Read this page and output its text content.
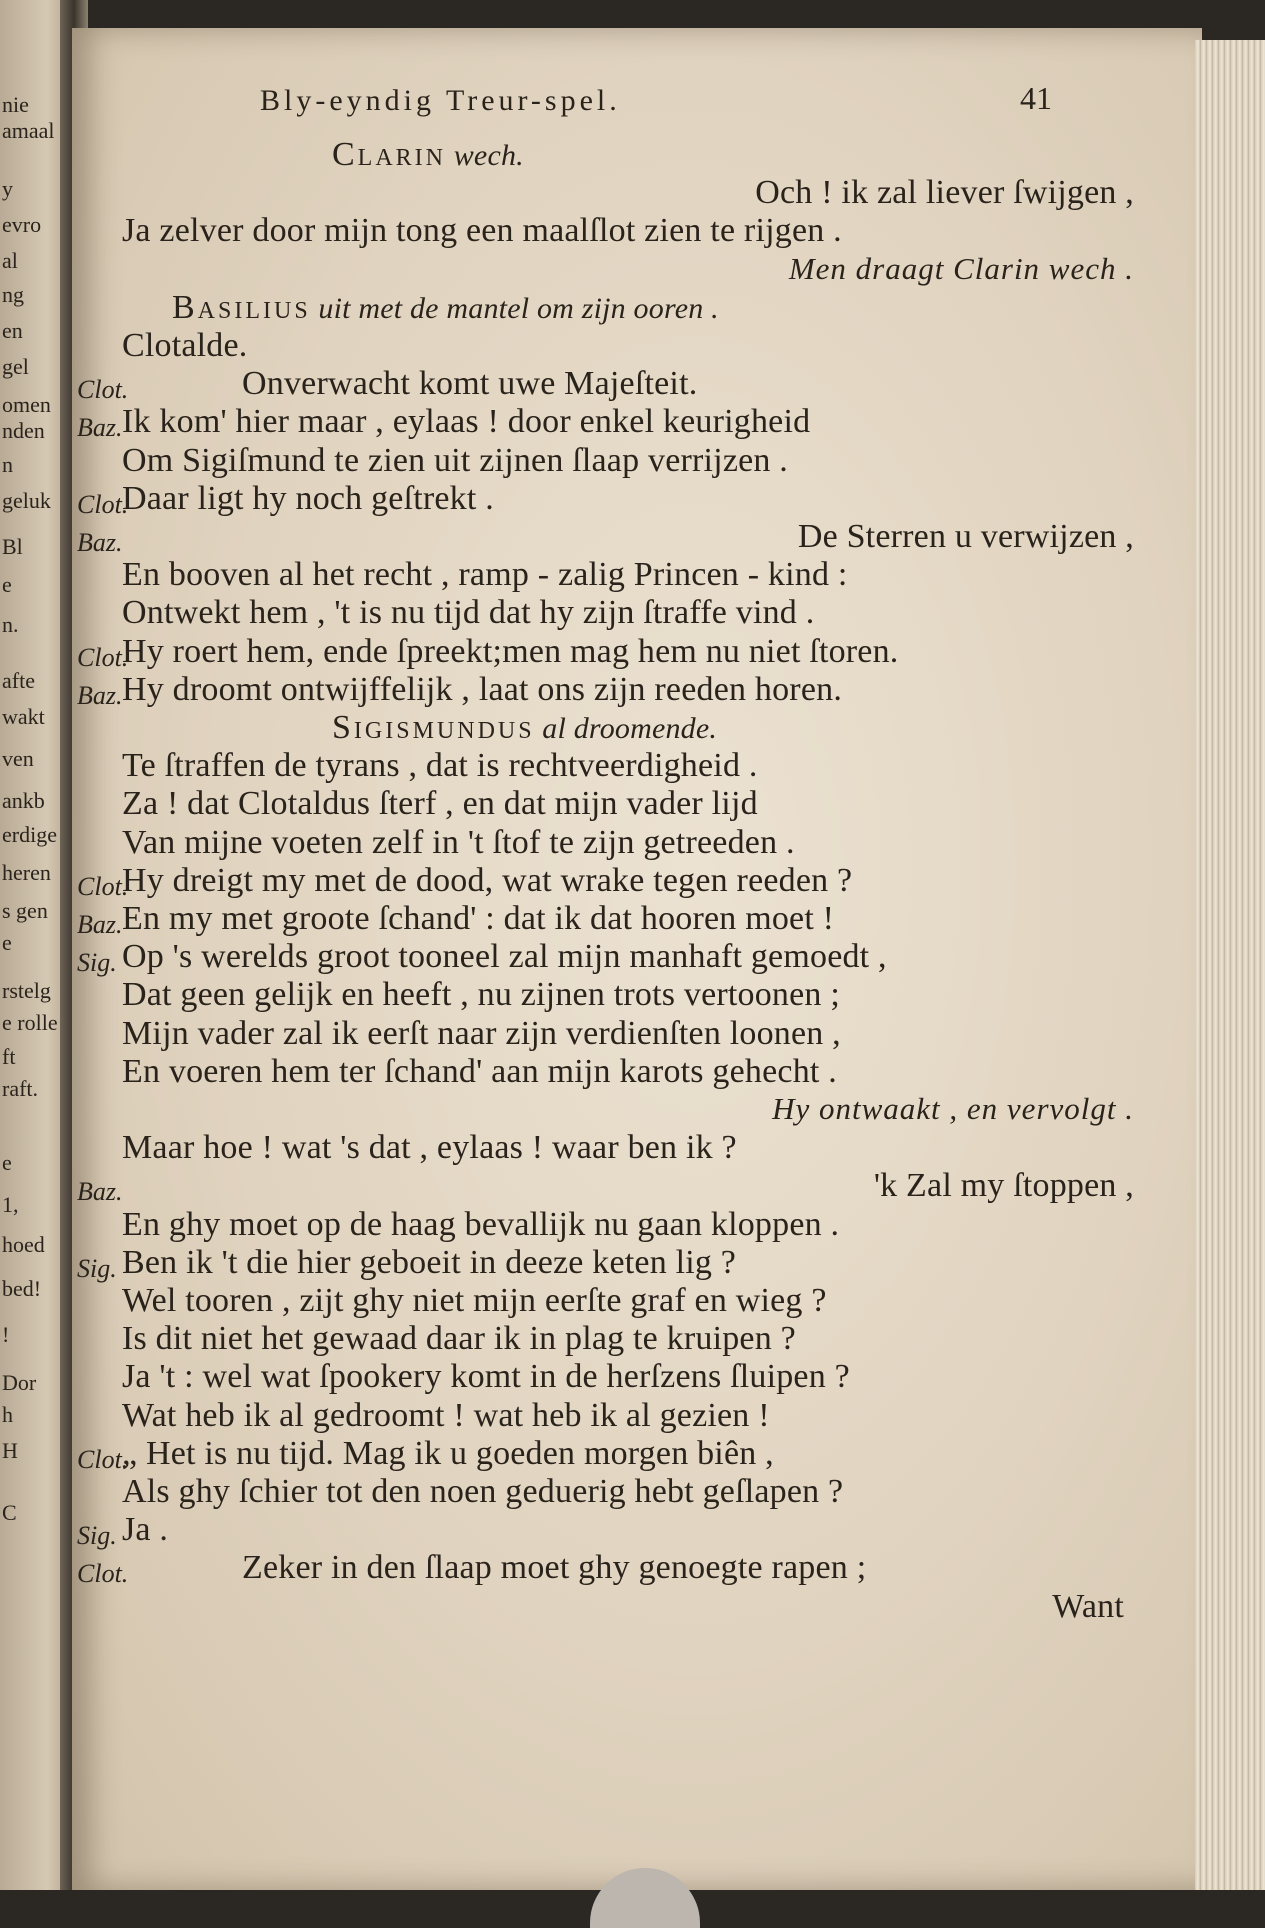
nie
amaal
y
evro
al
ng
en
gel
omen
nden
n
geluk
Bl
e
n.
afte
wakt
ven
ankb
erdige
heren
s gen
e
rstelg
e rolle
ft
raft.
e
1,
hoed
bed!
!
Dor
h
H
C
Bly-eyndig Treur-spel.	41
Clarin wech.
Och ! ik zal liever ſwijgen ,
Ja zelver door mijn tong een maalſlot zien te rijgen .
Men draagt Clarin wech .
Basilius uit met de mantel om zijn ooren .
Clotalde.
Clot.	Onverwacht komt uwe Majeſteit.
Baz. Ik kom' hier maar , eylaas ! door enkel keurigheid
Om Sigiſmund te zien uit zijnen ſlaap verrijzen .
Clot.
Daar ligt hy noch geſtrekt .
Baz.	De Sterren u verwijzen ,
En booven al het recht , ramp - zalig Princen - kind :
Ontwekt hem , 't is nu tijd dat hy zijn ſtraffe vind .
Clot.
Hy roert hem, ende ſpreekt;men mag hem nu niet ſtoren.
Baz. Hy droomt ontwijffelijk , laat ons zijn reeden horen.
Sigismundus al droomende.
Te ſtraffen de tyrans , dat is rechtveerdigheid .
Za ! dat Clotaldus ſterf , en dat mijn vader lijd
Van mijne voeten zelf in 't ſtof te zijn getreeden .
Clot.
Hy dreigt my met de dood, wat wrake tegen reeden ?
Baz. En my met groote ſchand' : dat ik dat hooren moet !
Sig. Op 's werelds groot tooneel zal mijn manhaft gemoedt ,
Dat geen gelijk en heeft , nu zijnen trots vertoonen ;
Mijn vader zal ik eerſt naar zijn verdienſten loonen ,
En voeren hem ter ſchand' aan mijn karots gehecht .
Hy ontwaakt , en vervolgt .
Maar hoe ! wat 's dat , eylaas ! waar ben ik ?
Baz.	'k Zal my ſtoppen ,
En ghy moet op de haag bevallijk nu gaan kloppen .
Sig. Ben ik 't die hier geboeit in deeze keten lig ?
Wel tooren , zijt ghy niet mijn eerſte graf en wieg ?
Is dit niet het gewaad daar ik in plag te kruipen ?
Ja 't : wel wat ſpookery komt in de herſzens ſluipen ?
Wat heb ik al gedroomt ! wat heb ik al gezien !
Clot.
„ Het is nu tijd. Mag ik u goeden morgen biên ,
Als ghy ſchier tot den noen geduerig hebt geſlapen ?
Sig. Ja .
Clot.	Zeker in den ſlaap moet ghy genoegte rapen ;
Want
